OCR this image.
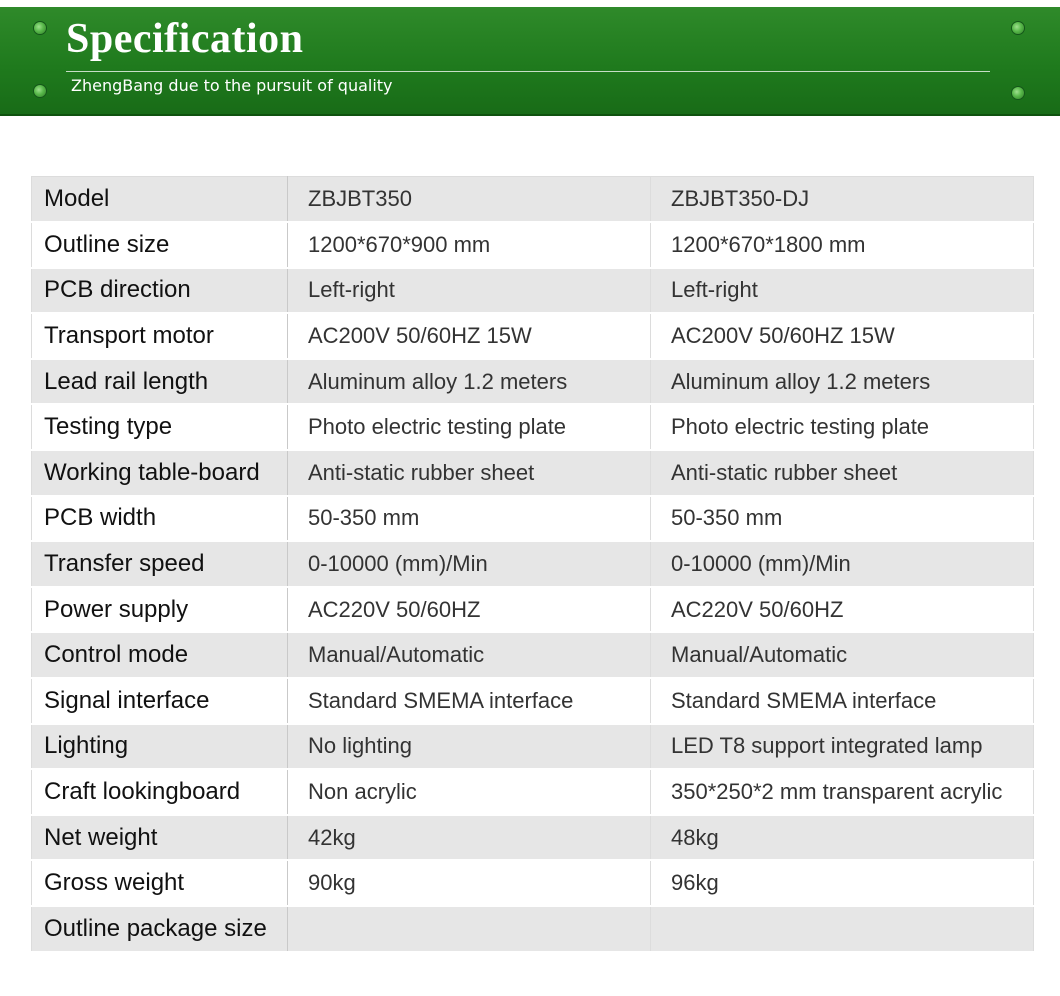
Specification
ZhengBang due to the pursuit of quality
Model	ZBJBT350	ZBJBT350-DJ
Outline size	1200*670*900 mm	1200*670*1800 mm
PCB direction	Left-right	Left-right
Transport motor	AC200V 50/60HZ 15W	AC200V 50/60HZ 15W
Lead rail length	Aluminum alloy 1.2 meters	Aluminum alloy 1.2 meters
Testing type	Photo electric testing plate	Photo electric testing plate
Working table-board	Anti-static rubber sheet	Anti-static rubber sheet
PCB width	50-350 mm	50-350 mm
Transfer speed	0-10000 (mm)/Min	0-10000 (mm)/Min
Power supply	AC220V 50/60HZ	AC220V 50/60HZ
Control mode	Manual/Automatic	Manual/Automatic
Signal interface	Standard SMEMA interface	Standard SMEMA interface
Lighting	No lighting	LED T8 support integrated lamp
Craft lookingboard	Non acrylic	350*250*2 mm transparent acrylic
Net weight	42kg	48kg
Gross weight	90kg	96kg
Outline package size		
